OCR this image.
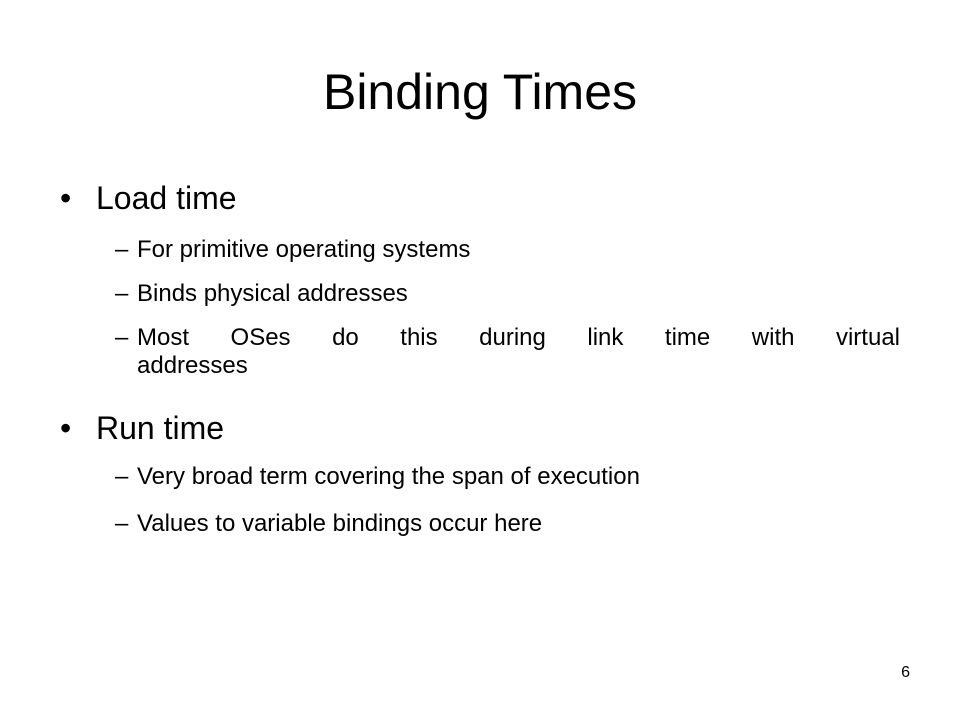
Binding Times
• Load time
– For primitive operating systems
– Binds physical addresses
– Most OSes do this during link time with virtual
addresses
• Run time
– Very broad term covering the span of execution
– Values to variable bindings occur here
6
